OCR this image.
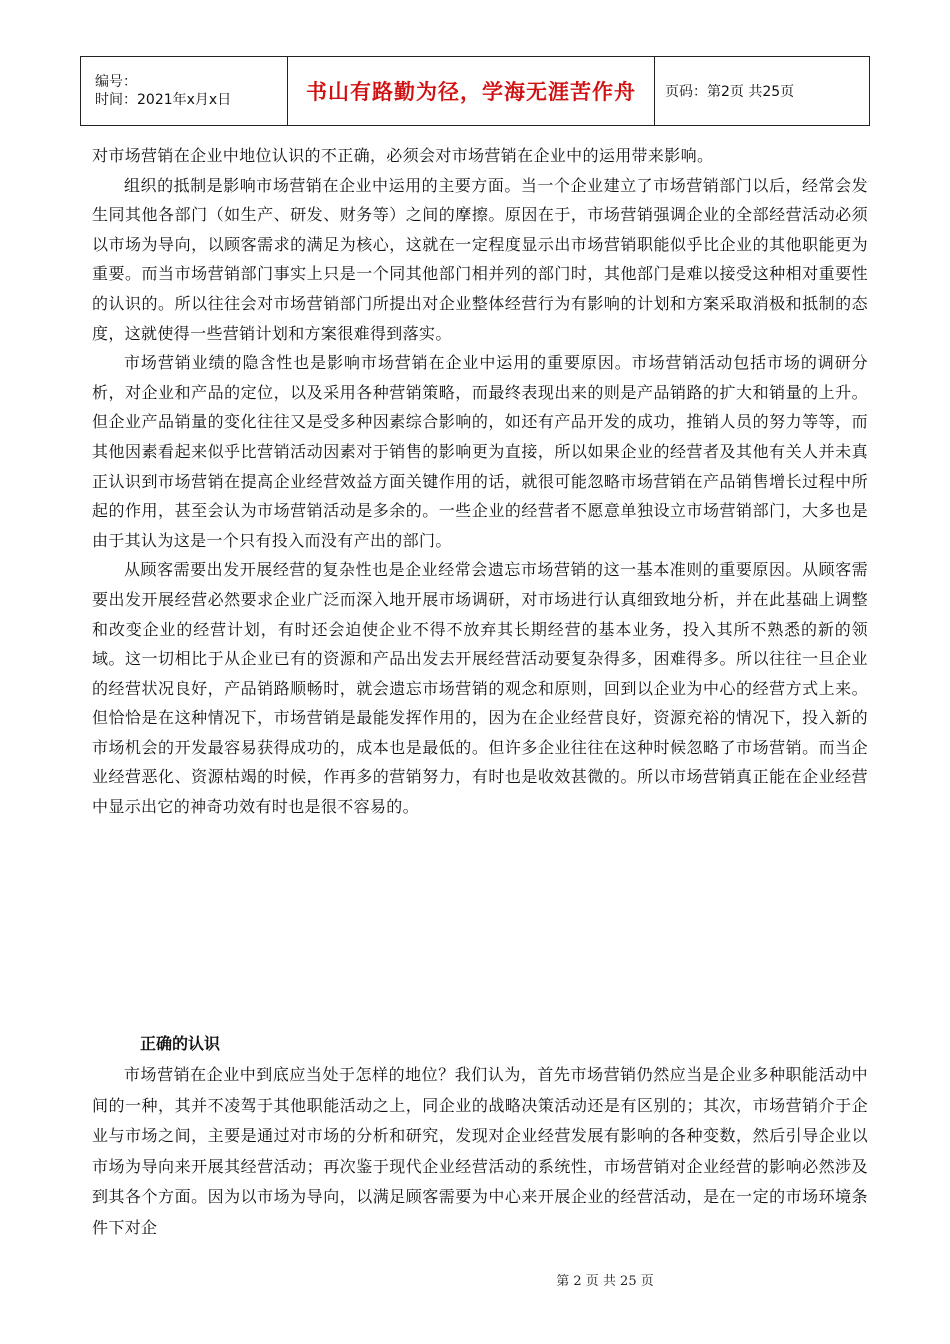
编号：
时间：2021年x月x日	书山有路勤为径，学海无涯苦作舟	页码：第2页 共25页

对市场营销在企业中地位认识的不正确，必须会对市场营销在企业中的运用带来影响。

组织的抵制是影响市场营销在企业中运用的主要方面。当一个企业建立了市场营销部门以后，经常会发生同其他各部门（如生产、研发、财务等）之间的摩擦。原因在于，市场营销强调企业的全部经营活动必须以市场为导向，以顾客需求的满足为核心，这就在一定程度显示出市场营销职能似乎比企业的其他职能更为重要。而当市场营销部门事实上只是一个同其他部门相并列的部门时，其他部门是难以接受这种相对重要性的认识的。所以往往会对市场营销部门所提出对企业整体经营行为有影响的计划和方案采取消极和抵制的态度，这就使得一些营销计划和方案很难得到落实。

市场营销业绩的隐含性也是影响市场营销在企业中运用的重要原因。市场营销活动包括市场的调研分析，对企业和产品的定位，以及采用各种营销策略，而最终表现出来的则是产品销路的扩大和销量的上升。但企业产品销量的变化往往又是受多种因素综合影响的，如还有产品开发的成功，推销人员的努力等等，而其他因素看起来似乎比营销活动因素对于销售的影响更为直接，所以如果企业的经营者及其他有关人并未真正认识到市场营销在提高企业经营效益方面关键作用的话，就很可能忽略市场营销在产品销售增长过程中所起的作用，甚至会认为市场营销活动是多余的。一些企业的经营者不愿意单独设立市场营销部门，大多也是由于其认为这是一个只有投入而没有产出的部门。

从顾客需要出发开展经营的复杂性也是企业经常会遗忘市场营销的这一基本准则的重要原因。从顾客需要出发开展经营必然要求企业广泛而深入地开展市场调研，对市场进行认真细致地分析，并在此基础上调整和改变企业的经营计划，有时还会迫使企业不得不放弃其长期经营的基本业务，投入其所不熟悉的新的领域。这一切相比于从企业已有的资源和产品出发去开展经营活动要复杂得多，困难得多。所以往往一旦企业的经营状况良好，产品销路顺畅时，就会遗忘市场营销的观念和原则，回到以企业为中心的经营方式上来。但恰恰是在这种情况下，市场营销是最能发挥作用的，因为在企业经营良好，资源充裕的情况下，投入新的市场机会的开发最容易获得成功的，成本也是最低的。但许多企业往往在这种时候忽略了市场营销。而当企业经营恶化、资源枯竭的时候，作再多的营销努力，有时也是收效甚微的。所以市场营销真正能在企业经营中显示出它的神奇功效有时也是很不容易的。

正确的认识

市场营销在企业中到底应当处于怎样的地位？我们认为，首先市场营销仍然应当是企业多种职能活动中间的一种，其并不凌驾于其他职能活动之上，同企业的战略决策活动还是有区别的；其次，市场营销介于企业与市场之间，主要是通过对市场的分析和研究，发现对企业经营发展有影响的各种变数，然后引导企业以市场为导向来开展其经营活动；再次鉴于现代企业经营活动的系统性，市场营销对企业经营的影响必然涉及到其各个方面。因为以市场为导向，以满足顾客需要为中心来开展企业的经营活动，是在一定的市场环境条件下对企

第 2 页 共 25 页
